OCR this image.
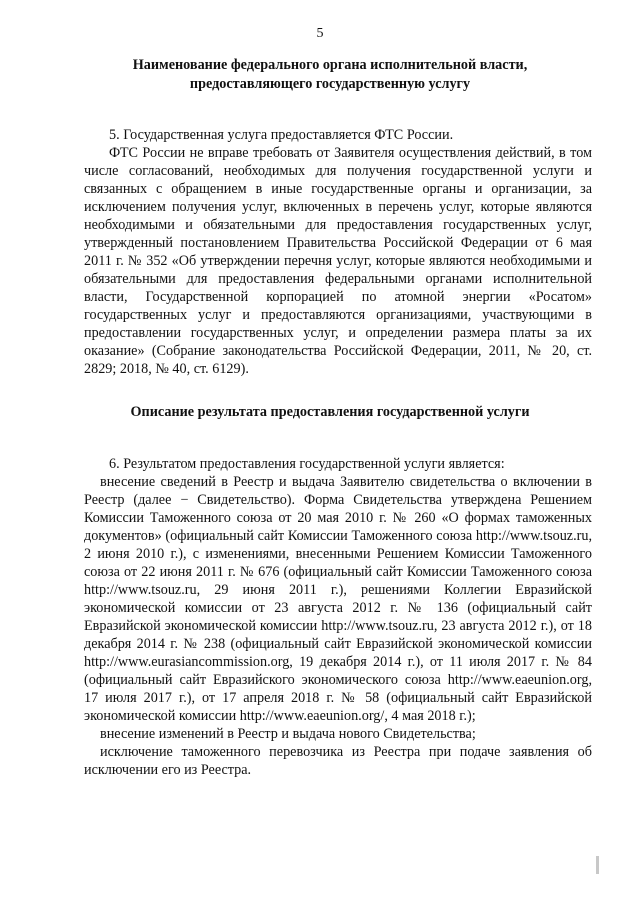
5
Наименование федерального органа исполнительной власти,
предоставляющего государственную услугу

5. Государственная услуга предоставляется ФТС России.

ФТС России не вправе требовать от Заявителя осуществления действий, в том числе согласований, необходимых для получения государственной услуги и связанных с обращением в иные государственные органы и организации, за исключением получения услуг, включенных в перечень услуг, которые являются необходимыми и обязательными для предоставления государственных услуг, утвержденный постановлением Правительства Российской Федерации от 6 мая 2011 г. № 352 «Об утверждении перечня услуг, которые являются необходимыми и обязательными для предоставления федеральными органами исполнительной власти, Государственной корпорацией по атомной энергии «Росатом» государственных услуг и предоставляются организациями, участвующими в предоставлении государственных услуг, и определении размера платы за их оказание» (Собрание законодательства Российской Федерации, 2011, № 20, ст. 2829; 2018, № 40, ст. 6129).

Описание результата предоставления государственной услуги

6. Результатом предоставления государственной услуги является:

внесение сведений в Реестр и выдача Заявителю свидетельства о включении в Реестр (далее − Свидетельство). Форма Свидетельства утверждена Решением Комиссии Таможенного союза от 20 мая 2010 г. № 260 «О формах таможенных документов» (официальный сайт Комиссии Таможенного союза http://www.tsouz.ru, 2 июня 2010 г.), с изменениями, внесенными Решением Комиссии Таможенного союза от 22 июня 2011 г. № 676 (официальный сайт Комиссии Таможенного союза http://www.tsouz.ru, 29 июня 2011 г.), решениями Коллегии Евразийской экономической комиссии от 23 августа 2012 г. № 136 (официальный сайт Евразийской экономической комиссии http://www.tsouz.ru, 23 августа 2012 г.), от 18 декабря 2014 г. № 238 (официальный сайт Евразийской экономической комиссии http://www.eurasiancommission.org, 19 декабря 2014 г.), от 11 июля 2017 г. № 84 (официальный сайт Евразийского экономического союза http://www.eaeunion.org, 17 июля 2017 г.), от 17 апреля 2018 г. № 58 (официальный сайт Евразийской экономической комиссии http://www.eaeunion.org/, 4 мая 2018 г.);

внесение изменений в Реестр и выдача нового Свидетельства;

исключение таможенного перевозчика из Реестра при подаче заявления об исключении его из Реестра.
